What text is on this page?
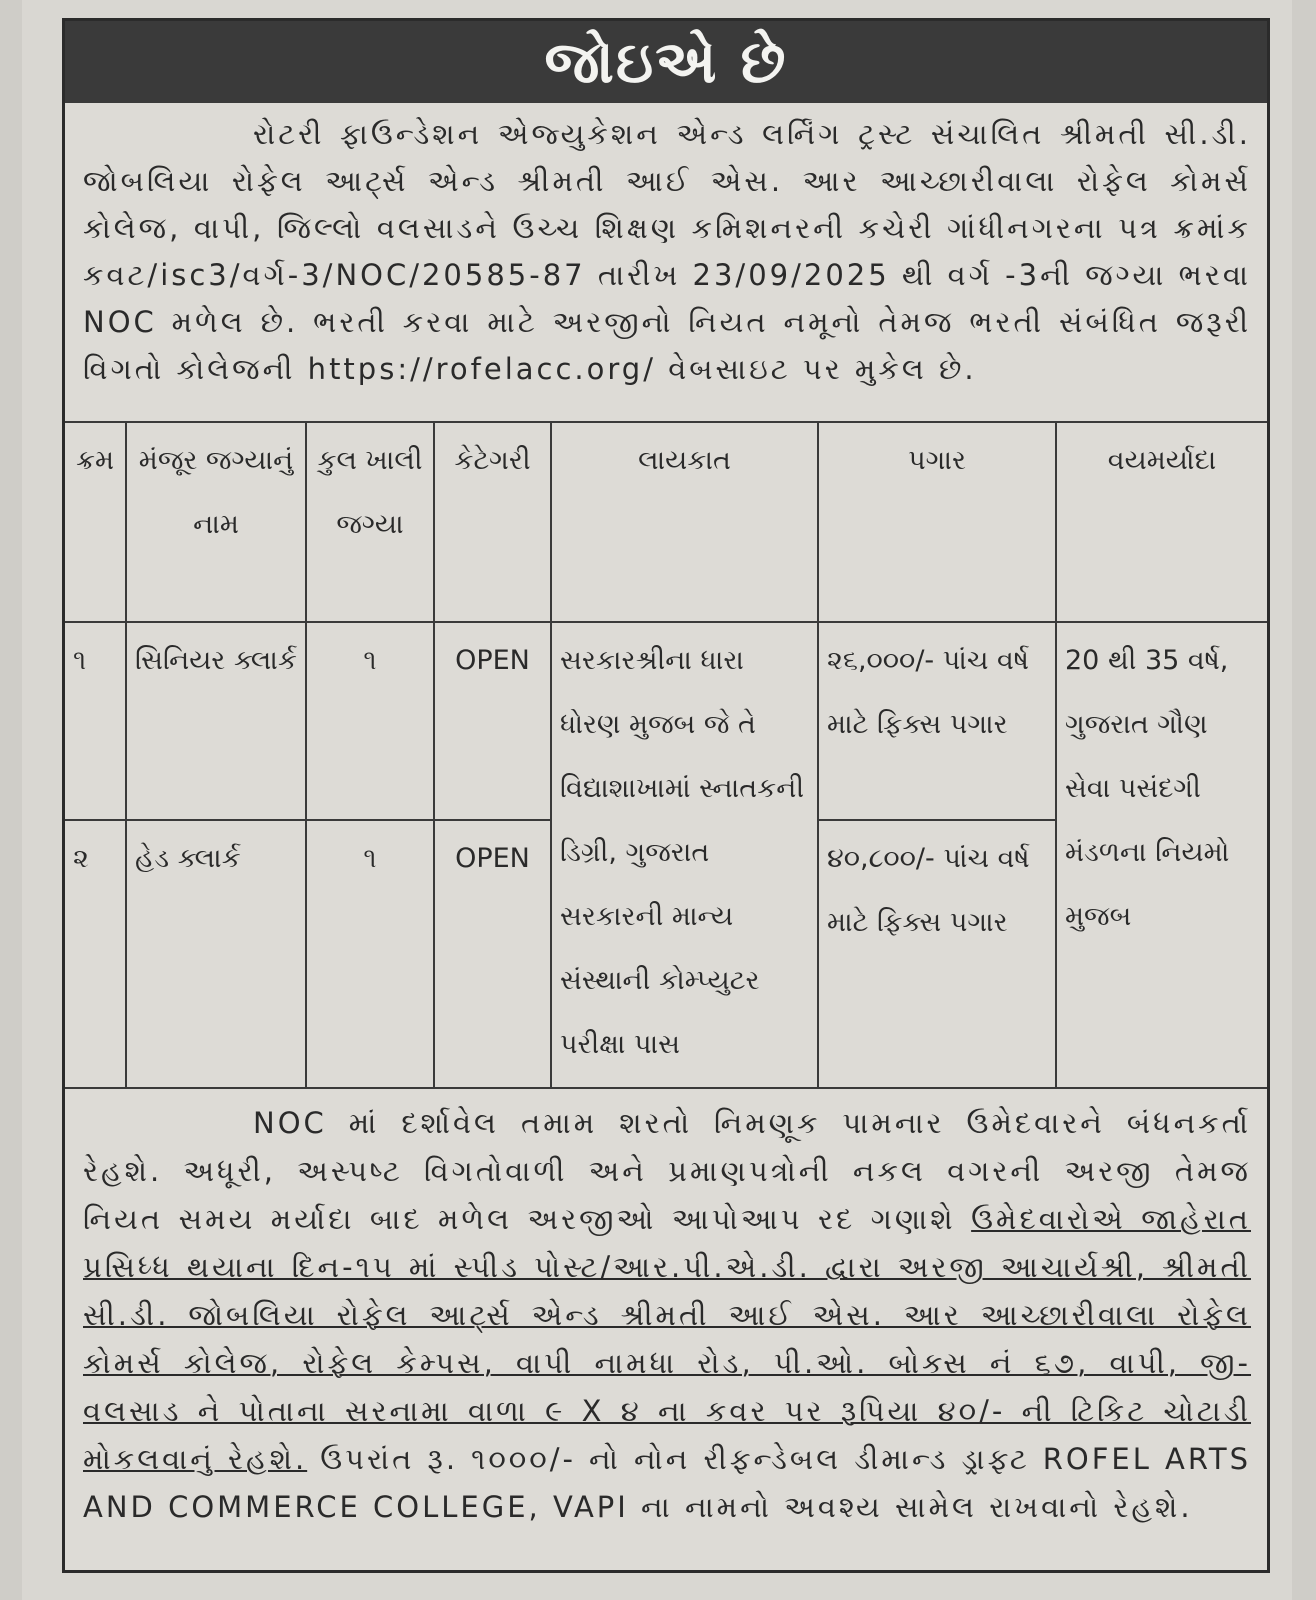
જોઇએ છે
રોટરી ફાઉન્ડેશન એજ્યુકેશન એન્ડ લર્નિંગ ટ્રસ્ટ સંચાલિત શ્રીમતી સી.ડી. જોબલિયા રોફેલ આર્ટ્સ એન્ડ શ્રીમતી આઈ એસ. આર આચ્છારીવાલા રોફેલ કોમર્સ કોલેજ, વાપી, જિલ્લો વલસાડને ઉચ્ચ શિક્ષણ કમિશનરની કચેરી ગાંધીનગરના પત્ર ક્રમાંક કવટ/isc3/વર્ગ-3/NOC/20585-87 તારીખ 23/09/2025 થી વર્ગ -3ની જગ્યા ભરવા NOC મળેલ છે. ભરતી કરવા માટે અરજીનો નિયત નમૂનો તેમજ ભરતી સંબંધિત જરૂરી વિગતો કોલેજની https://rofelacc.org/ વેબસાઇટ પર મુકેલ છે.
ક્રમ	મંજૂર જગ્યાનું નામ	કુલ ખાલી જગ્યા	કેટેગરી	લાયકાત	પગાર	વયમર્યાદા
૧	સિનિયર ક્લાર્ક	૧	OPEN	સરકારશ્રીના ધારા ધોરણ મુજબ જે તે વિદ્યાશાખામાં સ્નાતકની ડિગ્રી, ગુજરાત સરકારની માન્ય સંસ્થાની કોમ્પ્યુટર પરીક્ષા પાસ	૨૬,૦૦૦/- પાંચ વર્ષ માટે ફિક્સ પગાર	20 થી 35 વર્ષ, ગુજરાત ગૌણ સેવા પસંદગી મંડળના નિયમો મુજબ
૨	હેડ ક્લાર્ક	૧	OPEN		૪૦,૮૦૦/- પાંચ વર્ષ માટે ફિક્સ પગાર	
NOC માં દર્શાવેલ તમામ શરતો નિમણૂક પામનાર ઉમેદવારને બંધનકર્તા રેહશે. અધૂરી, અસ્પષ્ટ વિગતોવાળી અને પ્રમાણપત્રોની નકલ વગરની અરજી તેમજ નિયત સમય મર્યાદા બાદ મળેલ અરજીઓ આપોઆપ રદ ગણાશે ઉમેદવારોએ જાહેરાત પ્રસિધ્ધ થયાના દિન-૧૫ માં સ્પીડ પોસ્ટ/આર.પી.એ.ડી. દ્વારા અરજી આચાર્યશ્રી, શ્રીમતી સી.ડી. જોબલિયા રોફેલ આર્ટ્સ એન્ડ શ્રીમતી આઈ એસ. આર આચ્છારીવાલા રોફેલ કોમર્સ કોલેજ, રોફેલ કેમ્પસ, વાપી નામધા રોડ, પી.ઓ. બોક્સ નં ૬૭, વાપી, જી-વલસાડ ને પોતાના સરનામા વાળા ૯ X ૪ ના કવર પર રૂપિયા ૪૦/- ની ટિકિટ ચોટાડી મોકલવાનું રેહશે. ઉપરાંત રૂ. ૧૦૦૦/- નો નોન રીફન્ડેબલ ડીમાન્ડ ડ્રાફ્ટ ROFEL ARTS AND COMMERCE COLLEGE, VAPI ના નામનો અવશ્ય સામેલ રાખવાનો રેહશે.
